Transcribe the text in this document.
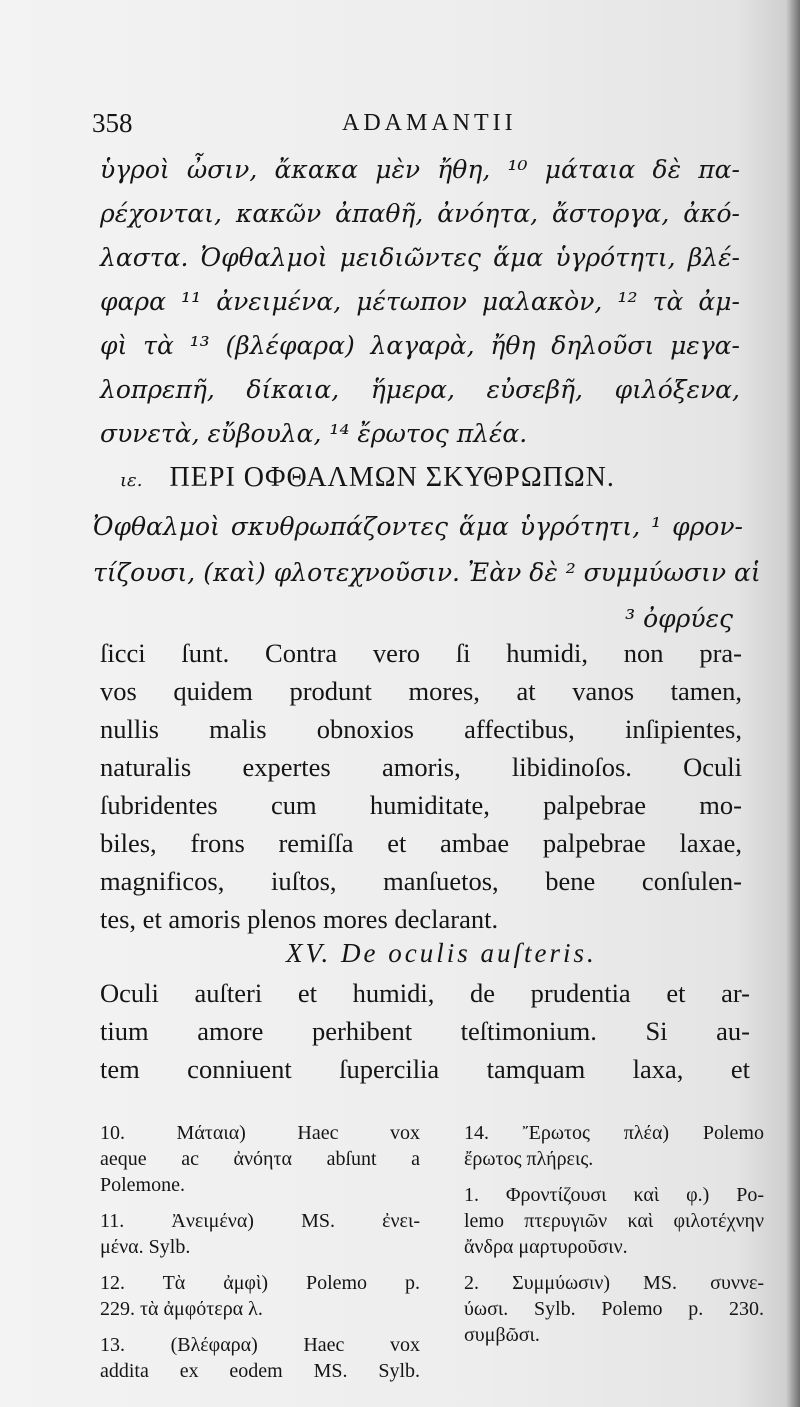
358	ADAMANTII
ὑγροὶ ὦσιν, ἄκακα μὲν ἤθη, ¹⁰ μάταια δὲ πα-
ρέχονται, κακῶν ἀπαθῆ, ἀνόητα, ἄστοργα, ἀκό-
λαστα. Ὀφθαλμοὶ μειδιῶντες ἅμα ὑγρότητι, βλέ-
φαρα ¹¹ ἀνειμένα, μέτωπον μαλακὸν, ¹² τὰ ἀμ-
φὶ τὰ ¹³ (βλέφαρα) λαγαρὰ, ἤθη δηλοῦσι μεγα-
λοπρεπῆ, δίκαια, ἥμερα, εὐσεβῆ, φιλόξενα,
συνετὰ, εὔβουλα, ¹⁴ ἔρωτος πλέα.
ιε. ΠΕΡΙ ΟΦΘΑΛΜΩΝ ΣΚΥΘΡΩΠΩΝ.
Ὀφθαλμοὶ σκυθρωπάζοντες ἅμα ὑγρότητι, ¹ φρον-
τίζουσι, (καὶ) φλοτεχνοῦσιν. Ἐὰν δὲ ² συμμύωσιν αἱ
³ ὀφρύες
ſicci ſunt. Contra vero ſi humidi, non pra-
vos quidem produnt mores, at vanos tamen,
nullis malis obnoxios affectibus, inſipientes,
naturalis expertes amoris, libidinoſos. Oculi
ſubridentes cum humiditate, palpebrae mo-
biles, frons remiſſa et ambae palpebrae laxae,
magnificos, iuſtos, manſuetos, bene conſulen-
tes, et amoris plenos mores declarant.
XV. De oculis auſteris.
Oculi auſteri et humidi, de prudentia et ar-
tium amore perhibent teſtimonium. Si au-
tem conniuent ſupercilia tamquam laxa, et
10. Μάταια) Haec vox
aeque ac ἀνόητα abſunt a
Polemone.
11. Ἀνειμένα) MS. ἐνει-
μένα. Sylb.
12. Τὰ ἀμφὶ) Polemo p.
229. τὰ ἀμφότερα λ.
13. (Βλέφαρα) Haec vox
addita ex eodem MS. Sylb.
14. Ἔρωτος πλέα) Polemo
ἔρωτος πλήρεις.
1. Φροντίζουσι καὶ φ.) Po-
lemo πτερυγιῶν καὶ φιλοτέχνην
ἄνδρα μαρτυροῦσιν.
2. Συμμύωσιν) MS. συννε-
ύωσι. Sylb. Polemo p. 230.
συμβῶσι.
